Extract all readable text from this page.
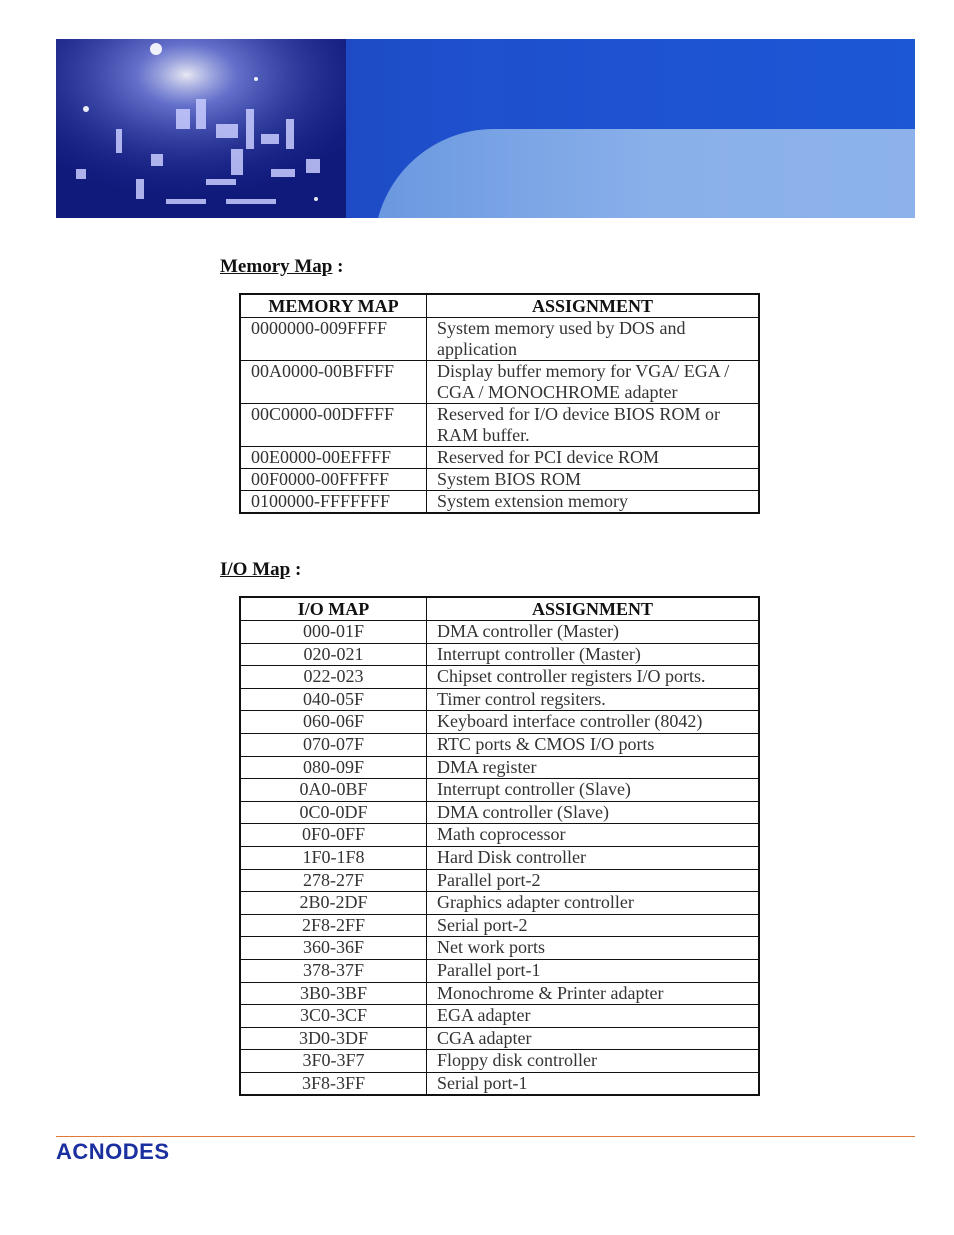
Memory Map :
MEMORY MAP	ASSIGNMENT
0000000-009FFFF	System memory used by DOS and application
00A0000-00BFFFF	Display buffer memory for VGA/ EGA / CGA / MONOCHROME adapter
00C0000-00DFFFF	Reserved for I/O device BIOS ROM or RAM buffer.
00E0000-00EFFFF	Reserved for PCI device ROM
00F0000-00FFFFF	System BIOS ROM
0100000-FFFFFFF	System extension memory
I/O Map :
I/O MAP	ASSIGNMENT
000-01F	DMA controller (Master)
020-021	Interrupt controller (Master)
022-023	Chipset controller registers I/O ports.
040-05F	Timer control regsiters.
060-06F	Keyboard interface controller (8042)
070-07F	RTC ports & CMOS I/O ports
080-09F	DMA register
0A0-0BF	Interrupt controller (Slave)
0C0-0DF	DMA controller (Slave)
0F0-0FF	Math coprocessor
1F0-1F8	Hard Disk controller
278-27F	Parallel port-2
2B0-2DF	Graphics adapter controller
2F8-2FF	Serial port-2
360-36F	Net work ports
378-37F	Parallel port-1
3B0-3BF	Monochrome & Printer adapter
3C0-3CF	EGA adapter
3D0-3DF	CGA adapter
3F0-3F7	Floppy disk controller
3F8-3FF	Serial port-1
ACNODES
